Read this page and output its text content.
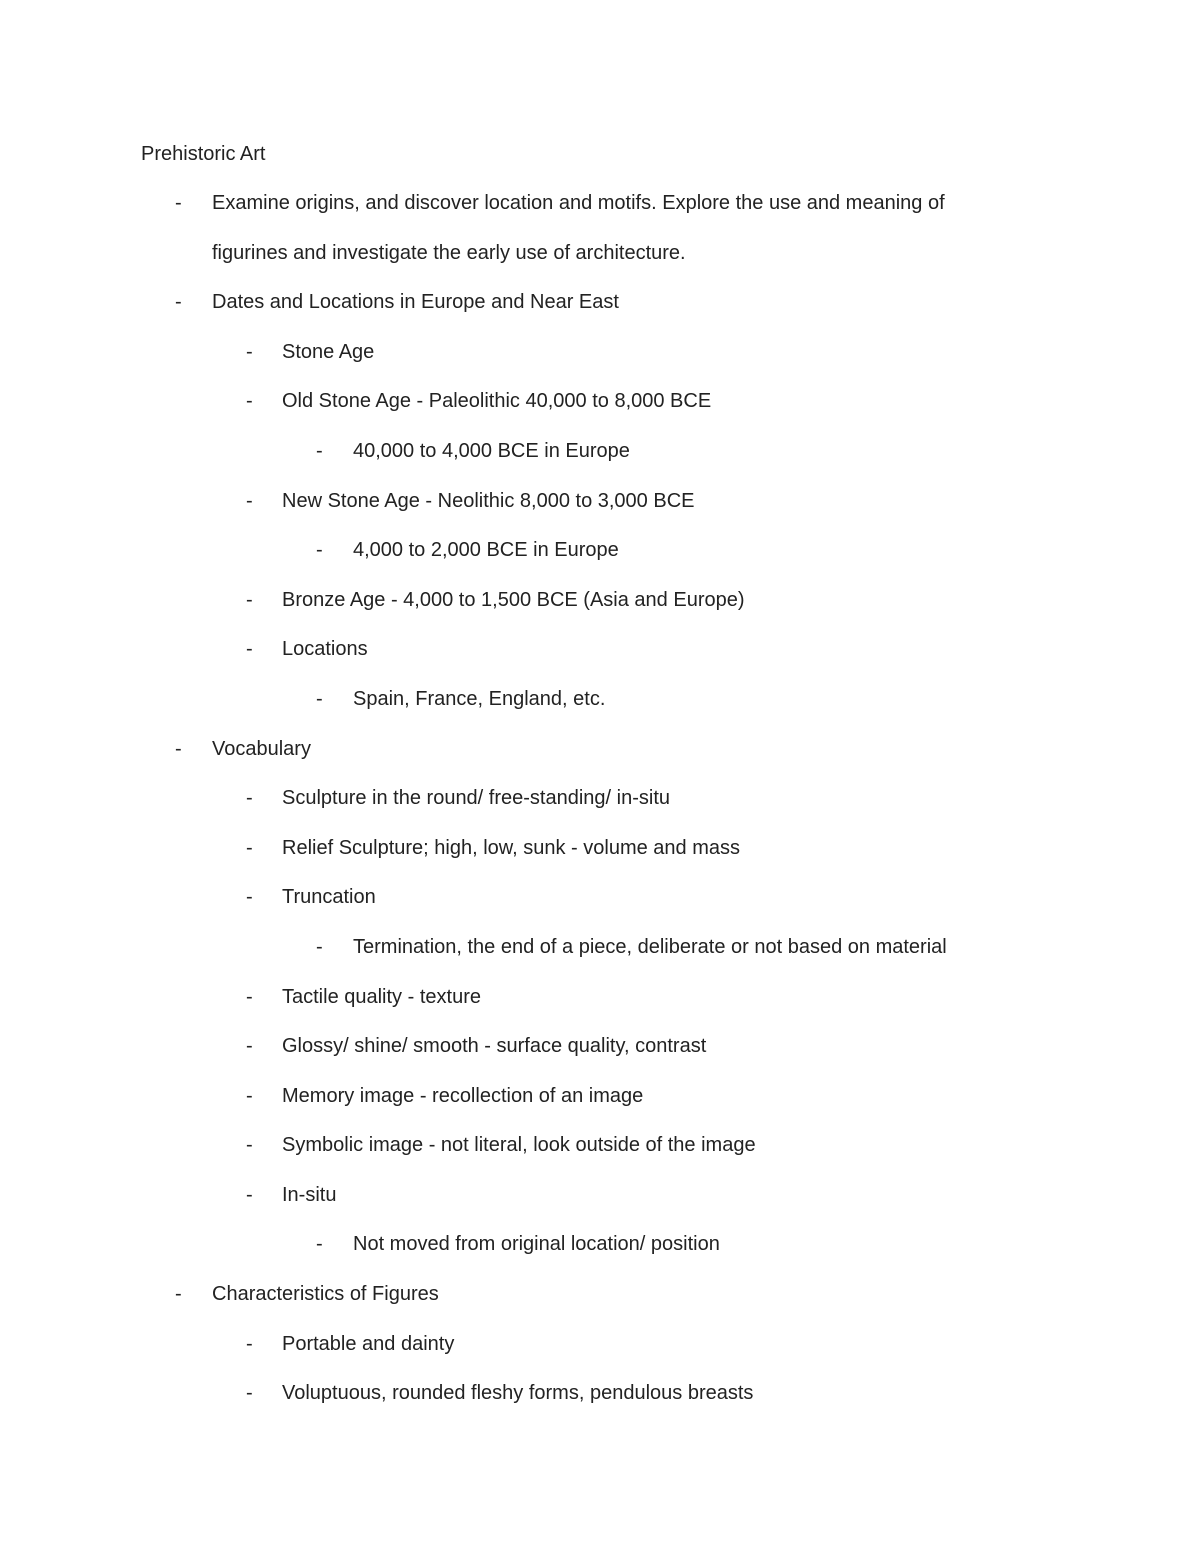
Prehistoric Art
-	Examine origins, and discover location and motifs. Explore the use and meaning of
figurines and investigate the early use of architecture.
-	Dates and Locations in Europe and Near East
-	Stone Age
-	Old Stone Age - Paleolithic 40,000 to 8,000 BCE
-	40,000 to 4,000 BCE in Europe
-	New Stone Age - Neolithic 8,000 to 3,000 BCE
-	4,000 to 2,000 BCE in Europe
-	Bronze Age - 4,000 to 1,500 BCE (Asia and Europe)
-	Locations
-	Spain, France, England, etc.
-	Vocabulary
-	Sculpture in the round/ free-standing/ in-situ
-	Relief Sculpture; high, low, sunk - volume and mass
-	Truncation
-	Termination, the end of a piece, deliberate or not based on material
-	Tactile quality - texture
-	Glossy/ shine/ smooth - surface quality, contrast
-	Memory image - recollection of an image
-	Symbolic image - not literal, look outside of the image
-	In-situ
-	Not moved from original location/ position
-	Characteristics of Figures
-	Portable and dainty
-	Voluptuous, rounded fleshy forms, pendulous breasts
